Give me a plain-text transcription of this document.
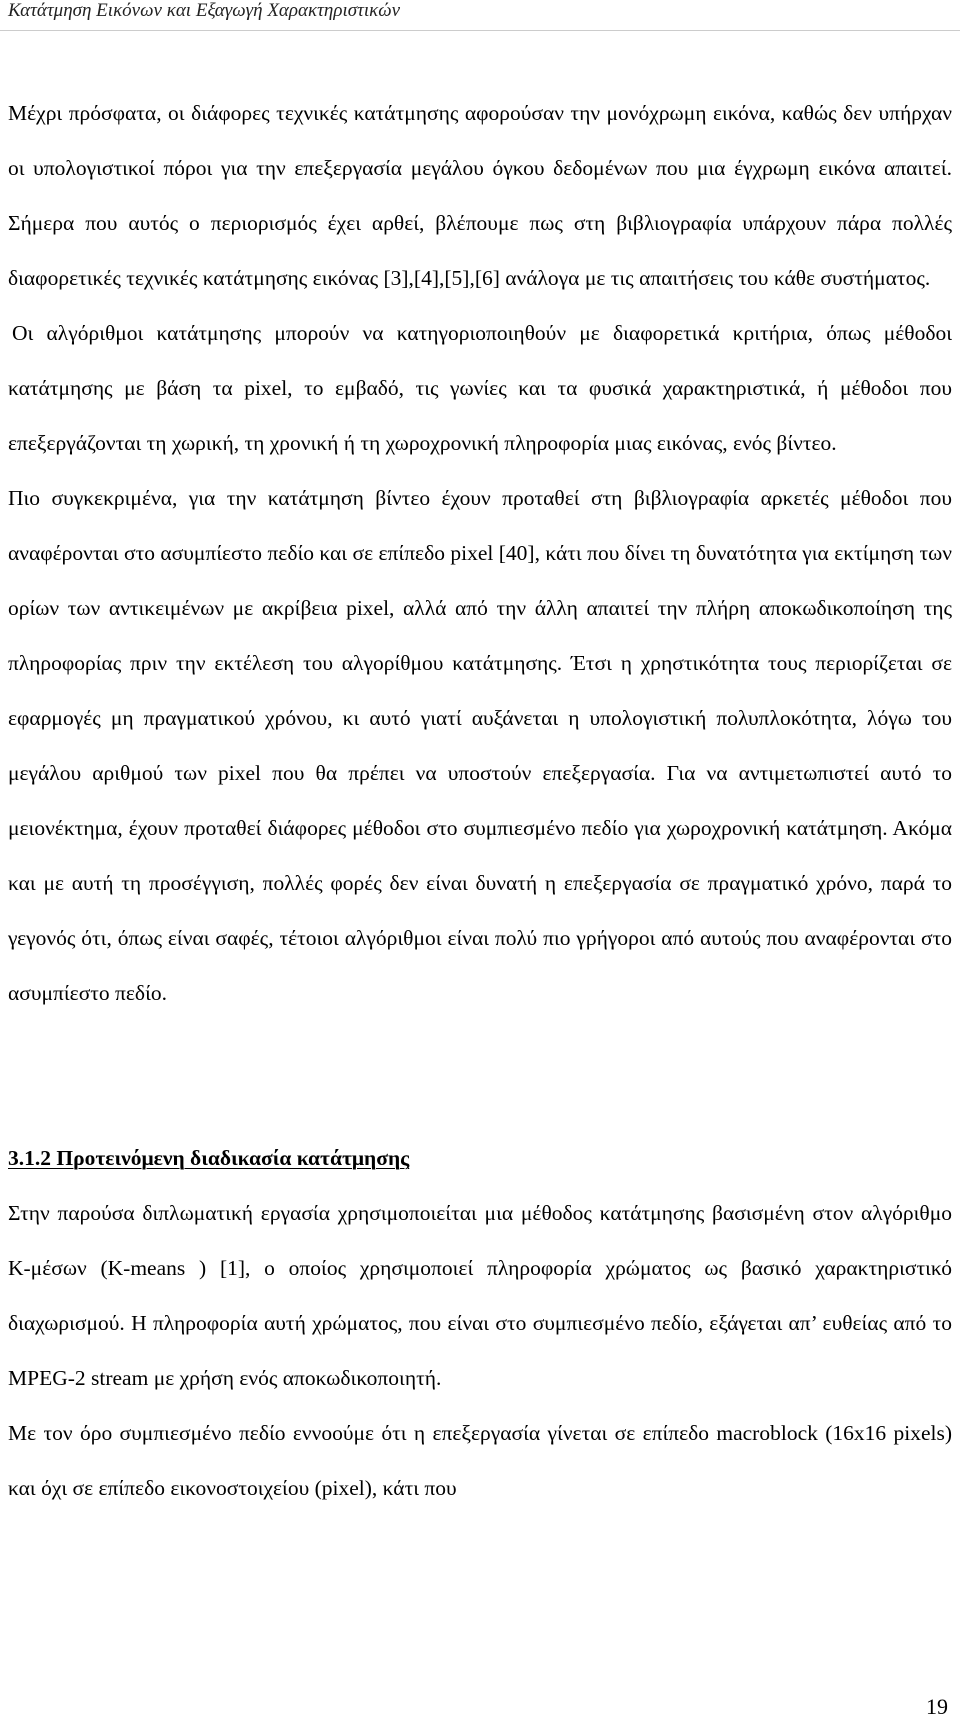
Κατάτμηση Εικόνων και Εξαγωγή Χαρακτηριστικών

Μέχρι πρόσφατα, οι διάφορες τεχνικές κατάτμησης αφορούσαν την μονόχρωμη εικόνα, καθώς δεν υπήρχαν οι υπολογιστικοί πόροι για την επεξεργασία μεγάλου όγκου δεδομένων που μια έγχρωμη εικόνα απαιτεί. Σήμερα που αυτός ο περιορισμός έχει αρθεί, βλέπουμε πως στη βιβλιογραφία υπάρχουν πάρα πολλές διαφορετικές τεχνικές κατάτμησης εικόνας [3],[4],[5],[6] ανάλογα με τις απαιτήσεις του κάθε συστήματος.

Οι αλγόριθμοι κατάτμησης μπορούν να κατηγοριοποιηθούν με διαφορετικά κριτήρια, όπως μέθοδοι κατάτμησης με βάση τα pixel, το εμβαδό, τις γωνίες και τα φυσικά χαρακτηριστικά, ή μέθοδοι που επεξεργάζονται τη χωρική, τη χρονική ή τη χωροχρονική πληροφορία μιας εικόνας, ενός βίντεο.

Πιο συγκεκριμένα, για την κατάτμηση βίντεο έχουν προταθεί στη βιβλιογραφία αρκετές μέθοδοι που αναφέρονται στο ασυμπίεστο πεδίο και σε επίπεδο pixel [40], κάτι που δίνει τη δυνατότητα για εκτίμηση των ορίων των αντικειμένων με ακρίβεια pixel, αλλά από την άλλη απαιτεί την πλήρη αποκωδικοποίηση της πληροφορίας πριν την εκτέλεση του αλγορίθμου κατάτμησης. Έτσι η χρηστικότητα τους περιορίζεται σε εφαρμογές μη πραγματικού χρόνου, κι αυτό γιατί αυξάνεται η υπολογιστική πολυπλοκότητα, λόγω του μεγάλου αριθμού των pixel που θα πρέπει να υποστούν επεξεργασία. Για να αντιμετωπιστεί αυτό το μειονέκτημα, έχουν προταθεί διάφορες μέθοδοι στο συμπιεσμένο πεδίο για χωροχρονική κατάτμηση. Ακόμα και με αυτή τη προσέγγιση, πολλές φορές δεν είναι δυνατή η επεξεργασία σε πραγματικό χρόνο, παρά το γεγονός ότι, όπως είναι σαφές, τέτοιοι αλγόριθμοι είναι πολύ πιο γρήγοροι από αυτούς που αναφέρονται στο ασυμπίεστο πεδίο.

3.1.2 Προτεινόμενη διαδικασία κατάτμησης

Στην παρούσα διπλωματική εργασία χρησιμοποιείται μια μέθοδος κατάτμησης βασισμένη στον αλγόριθμο Κ-μέσων (K-means ) [1], ο οποίος χρησιμοποιεί πληροφορία χρώματος ως βασικό χαρακτηριστικό διαχωρισμού. Η πληροφορία αυτή χρώματος, που είναι στο συμπιεσμένο πεδίο, εξάγεται απ’ ευθείας από το MPEG-2 stream με χρήση ενός αποκωδικοποιητή.

Με τον όρο συμπιεσμένο πεδίο εννοούμε ότι η επεξεργασία γίνεται σε επίπεδο macroblock (16x16 pixels) και όχι σε επίπεδο εικονοστοιχείου (pixel), κάτι που

19
